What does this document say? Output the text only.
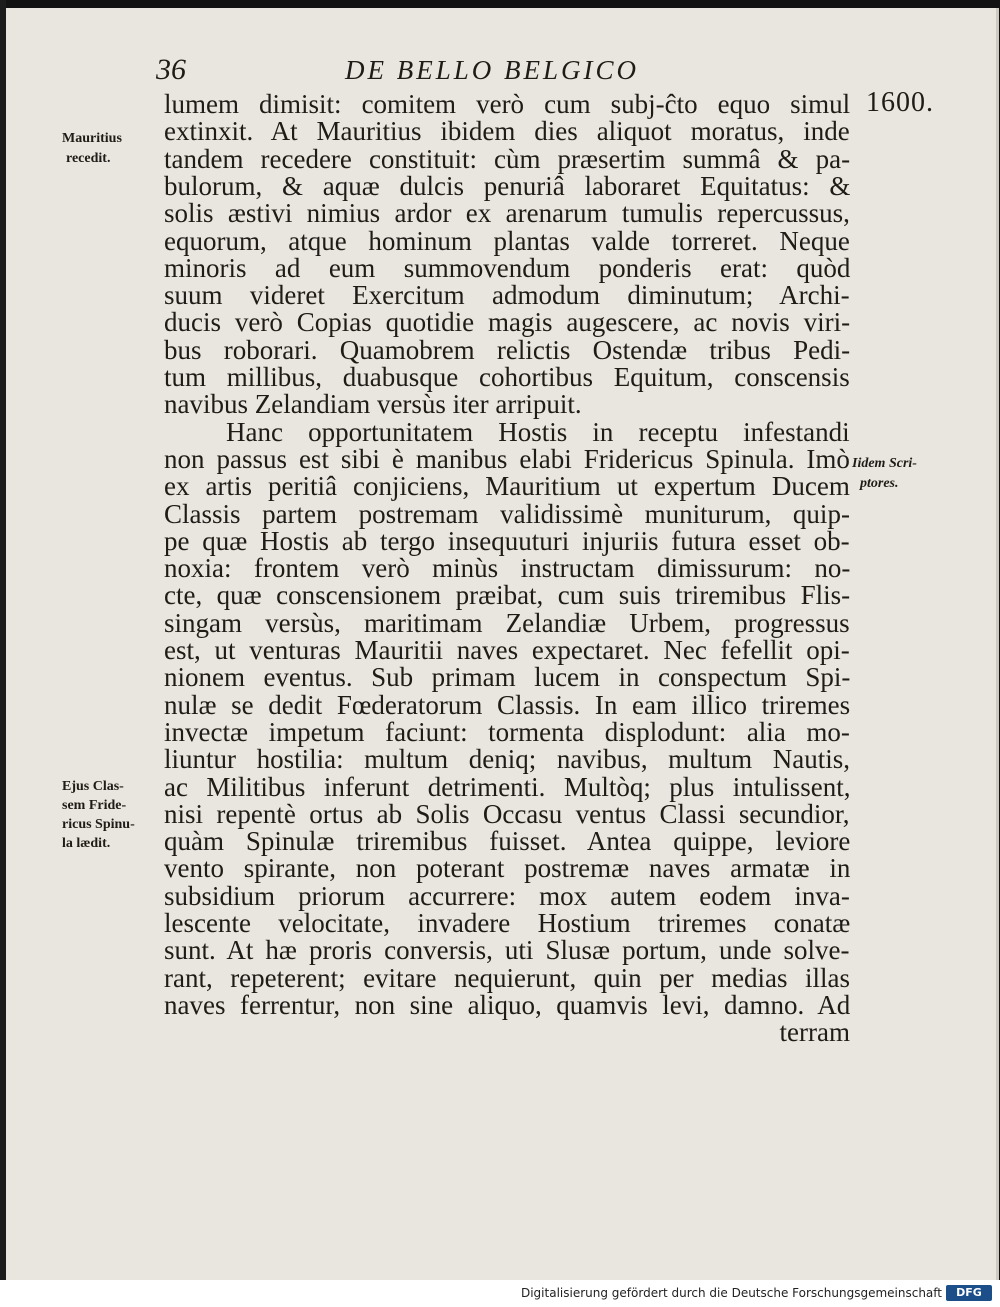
36	DE BELLO BELGICO
1600.
lumem dimisit: comitem verò cum subj-ĉto equo simul
extinxit. At Mauritius ibidem dies aliquot moratus, inde
tandem recedere constituit: cùm præsertim summâ & pa-
bulorum, & aquæ dulcis penuriâ laboraret Equitatus: &
solis æstivi nimius ardor ex arenarum tumulis repercussus,
equorum, atque hominum plantas valde torreret. Neque
minoris ad eum summovendum ponderis erat: quòd
suum videret Exercitum admodum diminutum; Archi-
ducis verò Copias quotidie magis augescere, ac novis viri-
bus roborari. Quamobrem relictis Ostendæ tribus Pedi-
tum millibus, duabusque cohortibus Equitum, conscensis
navibus Zelandiam versùs iter arripuit.
Hanc opportunitatem Hostis in receptu infestandi
non passus est sibi è manibus elabi Fridericus Spinula. Imò
ex artis peritiâ conjiciens, Mauritium ut expertum Ducem
Classis partem postremam validissimè muniturum, quip-
pe quæ Hostis ab tergo insequuturi injuriis futura esset ob-
noxia: frontem verò minùs instructam dimissurum: no-
cte, quæ conscensionem præibat, cum suis triremibus Flis-
singam versùs, maritimam Zelandiæ Urbem, progressus
est, ut venturas Mauritii naves expectaret. Nec fefellit opi-
nionem eventus. Sub primam lucem in conspectum Spi-
nulæ se dedit Fœderatorum Classis. In eam illico triremes
invectæ impetum faciunt: tormenta displodunt: alia mo-
liuntur hostilia: multum deniq; navibus, multum Nautis,
ac Militibus inferunt detrimenti. Multòq; plus intulissent,
nisi repentè ortus ab Solis Occasu ventus Classi secundior,
quàm Spinulæ triremibus fuisset. Antea quippe, leviore
vento spirante, non poterant postremæ naves armatæ in
subsidium priorum accurrere: mox autem eodem inva-
lescente velocitate, invadere Hostium triremes conatæ
sunt. At hæ proris conversis, uti Slusæ portum, unde solve-
rant, repeterent; evitare nequierunt, quin per medias illas
naves ferrentur, non sine aliquo, quamvis levi, damno. Ad
terram
Mauritius
recedit.
Iidem Scri-
ptores.
Ejus Clas-
sem Fride-
ricus Spinu-
la lædit.
Digitalisierung gefördert durch die Deutsche Forschungsgemeinschaft	DFG
